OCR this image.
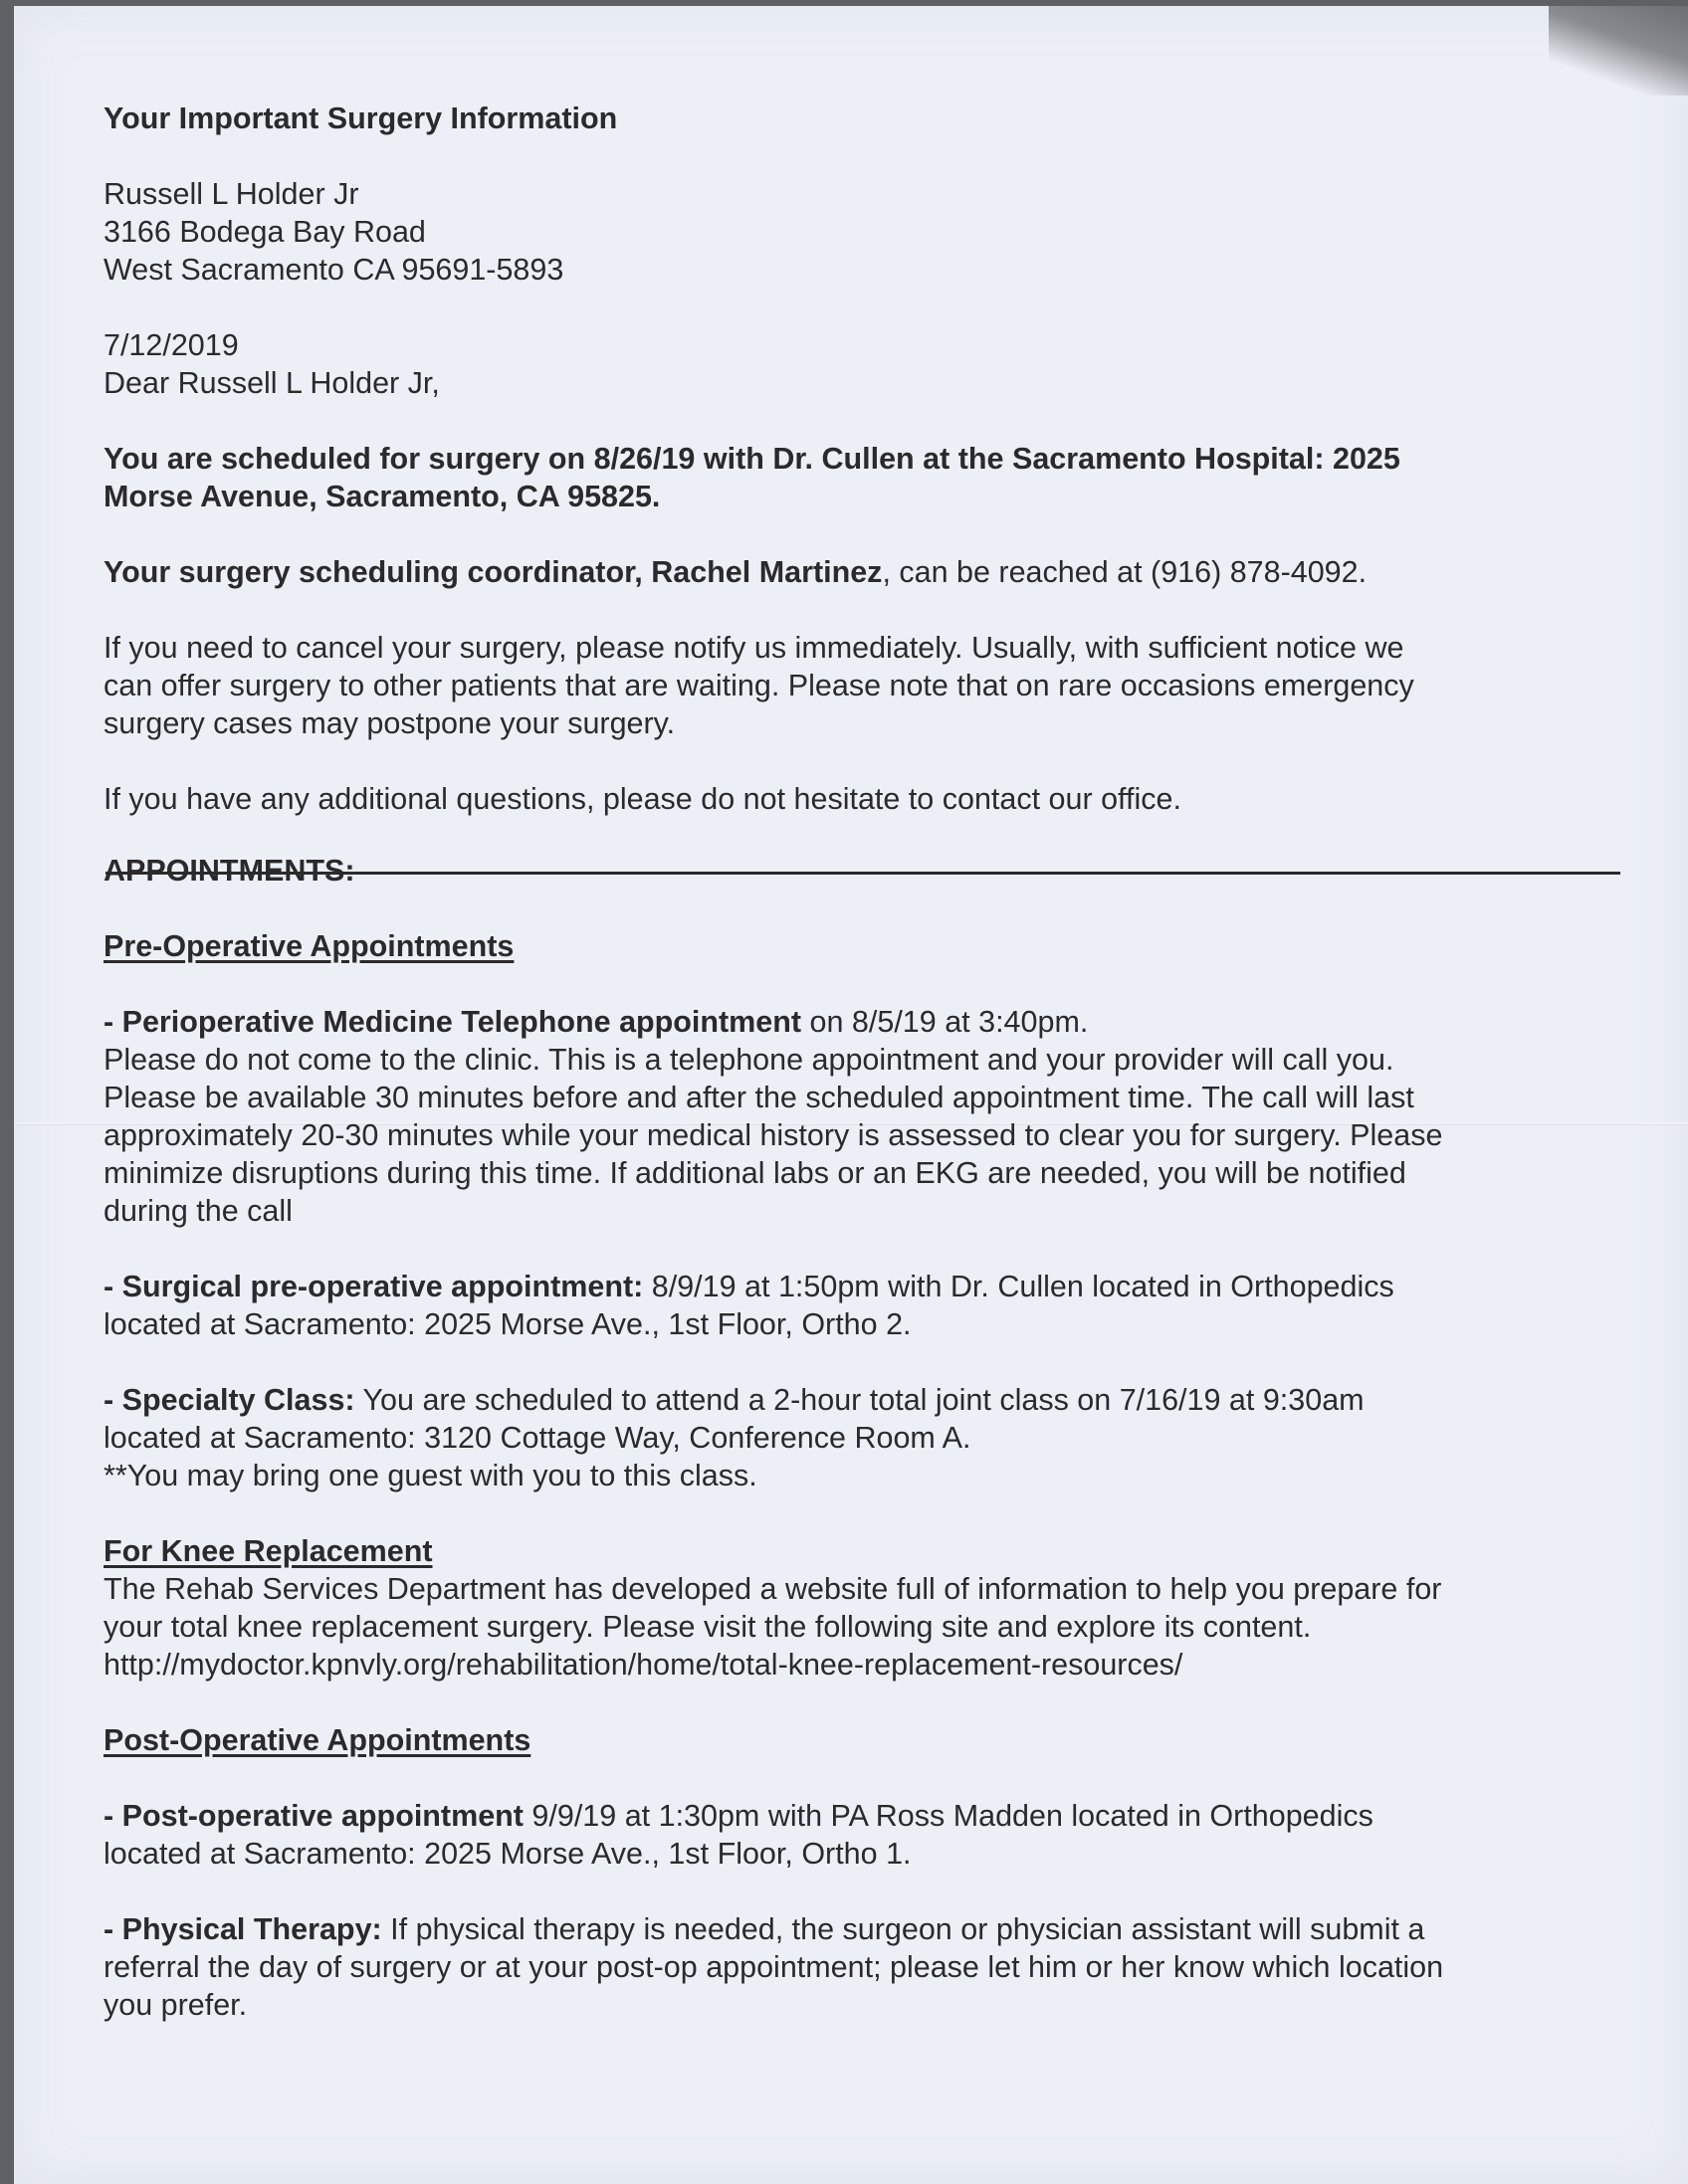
Your Important Surgery Information
Russell L Holder Jr
3166 Bodega Bay Road
West Sacramento CA 95691-5893
7/12/2019
Dear Russell L Holder Jr,
You are scheduled for surgery on 8/26/19 with Dr. Cullen at the Sacramento Hospital: 2025
Morse Avenue, Sacramento, CA 95825.
Your surgery scheduling coordinator, Rachel Martinez, can be reached at (916) 878-4092.
If you need to cancel your surgery, please notify us immediately. Usually, with sufficient notice we
can offer surgery to other patients that are waiting. Please note that on rare occasions emergency
surgery cases may postpone your surgery.
If you have any additional questions, please do not hesitate to contact our office.
APPOINTMENTS:
Pre-Operative Appointments
- Perioperative Medicine Telephone appointment on 8/5/19 at 3:40pm.
Please do not come to the clinic. This is a telephone appointment and your provider will call you.
Please be available 30 minutes before and after the scheduled appointment time. The call will last
approximately 20-30 minutes while your medical history is assessed to clear you for surgery. Please
minimize disruptions during this time. If additional labs or an EKG are needed, you will be notified
during the call
- Surgical pre-operative appointment: 8/9/19 at 1:50pm with Dr. Cullen located in Orthopedics
located at Sacramento: 2025 Morse Ave., 1st Floor, Ortho 2.
- Specialty Class: You are scheduled to attend a 2-hour total joint class on 7/16/19 at 9:30am
located at Sacramento: 3120 Cottage Way, Conference Room A.
**You may bring one guest with you to this class.
For Knee Replacement
The Rehab Services Department has developed a website full of information to help you prepare for
your total knee replacement surgery. Please visit the following site and explore its content.
http://mydoctor.kpnvly.org/rehabilitation/home/total-knee-replacement-resources/
Post-Operative Appointments
- Post-operative appointment 9/9/19 at 1:30pm with PA Ross Madden located in Orthopedics
located at Sacramento: 2025 Morse Ave., 1st Floor, Ortho 1.
- Physical Therapy: If physical therapy is needed, the surgeon or physician assistant will submit a
referral the day of surgery or at your post-op appointment; please let him or her know which location
you prefer.
